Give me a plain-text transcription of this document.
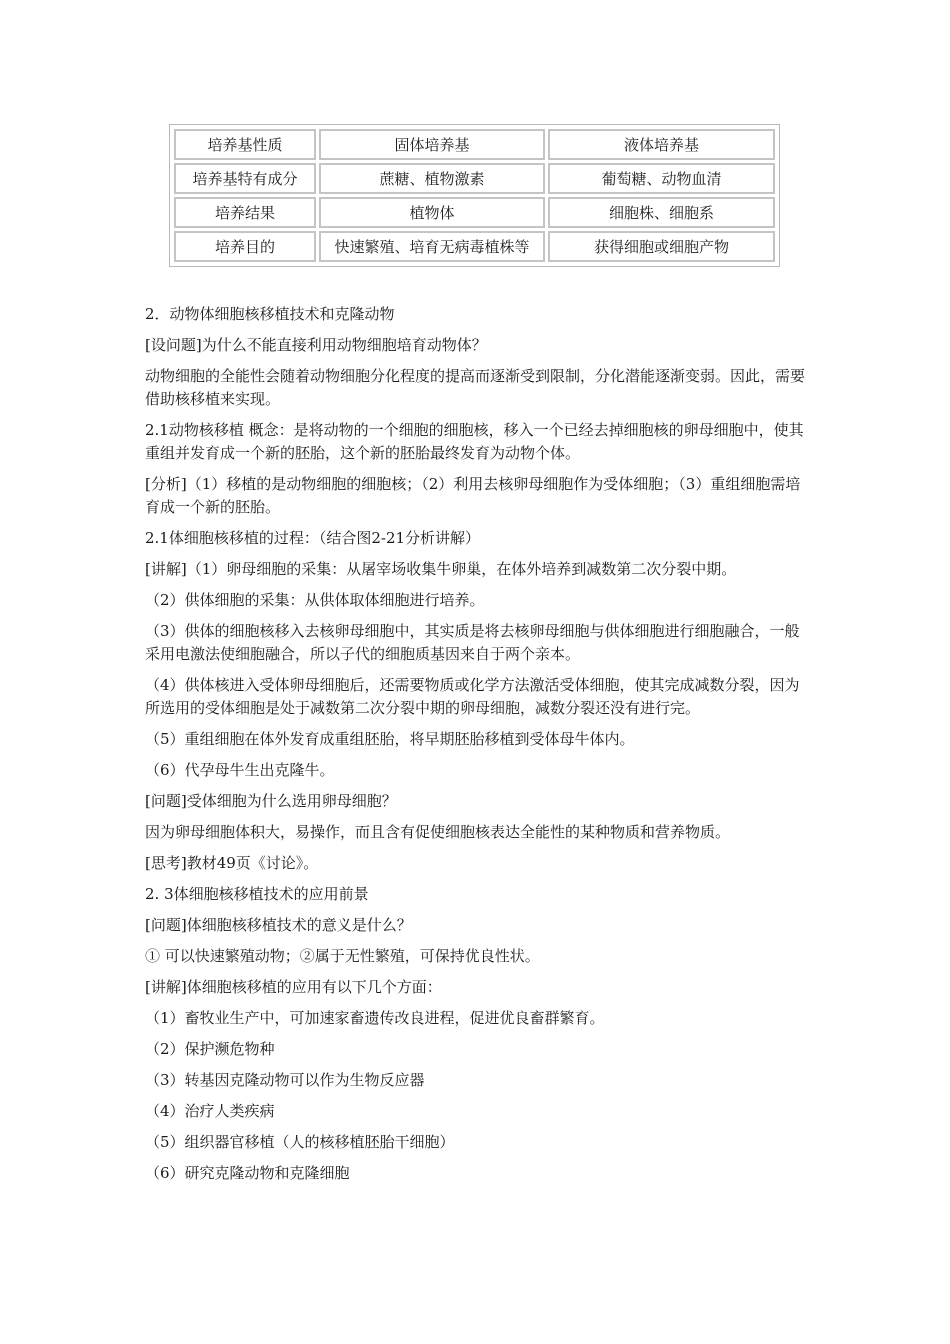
培养基性质	固体培养基	液体培养基
培养基特有成分	蔗糖、植物激素	葡萄糖、动物血清
培养结果	植物体	细胞株、细胞系
培养目的	快速繁殖、培育无病毒植株等	获得细胞或细胞产物

2．动物体细胞核移植技术和克隆动物

[设问题]为什么不能直接利用动物细胞培育动物体？

动物细胞的全能性会随着动物细胞分化程度的提高而逐渐受到限制，分化潜能逐渐变弱。因此，需要借助核移植来实现。

2.1动物核移植 概念：是将动物的一个细胞的细胞核，移入一个已经去掉细胞核的卵母细胞中，使其重组并发育成一个新的胚胎，这个新的胚胎最终发育为动物个体。

[分析]（1）移植的是动物细胞的细胞核；（2）利用去核卵母细胞作为受体细胞；（3）重组细胞需培育成一个新的胚胎。

2.1体细胞核移植的过程：（结合图2-21分析讲解）

[讲解]（1）卵母细胞的采集：从屠宰场收集牛卵巢，在体外培养到减数第二次分裂中期。

（2）供体细胞的采集：从供体取体细胞进行培养。

（3）供体的细胞核移入去核卵母细胞中，其实质是将去核卵母细胞与供体细胞进行细胞融合，一般采用电激法使细胞融合，所以子代的细胞质基因来自于两个亲本。

（4）供体核进入受体卵母细胞后，还需要物质或化学方法激活受体细胞，使其完成减数分裂，因为所选用的受体细胞是处于减数第二次分裂中期的卵母细胞，减数分裂还没有进行完。

（5）重组细胞在体外发育成重组胚胎，将早期胚胎移植到受体母牛体内。

（6）代孕母牛生出克隆牛。

[问题]受体细胞为什么选用卵母细胞？

因为卵母细胞体积大，易操作，而且含有促使细胞核表达全能性的某种物质和营养物质。

[思考]教材49页《讨论》。

2. 3体细胞核移植技术的应用前景

[问题]体细胞核移植技术的意义是什么？

① 可以快速繁殖动物；②属于无性繁殖，可保持优良性状。

[讲解]体细胞核移植的应用有以下几个方面：

（1）畜牧业生产中，可加速家畜遗传改良进程，促进优良畜群繁育。

（2）保护濒危物种

（3）转基因克隆动物可以作为生物反应器

（4）治疗人类疾病

（5）组织器官移植（人的核移植胚胎干细胞）

（6）研究克隆动物和克隆细胞
